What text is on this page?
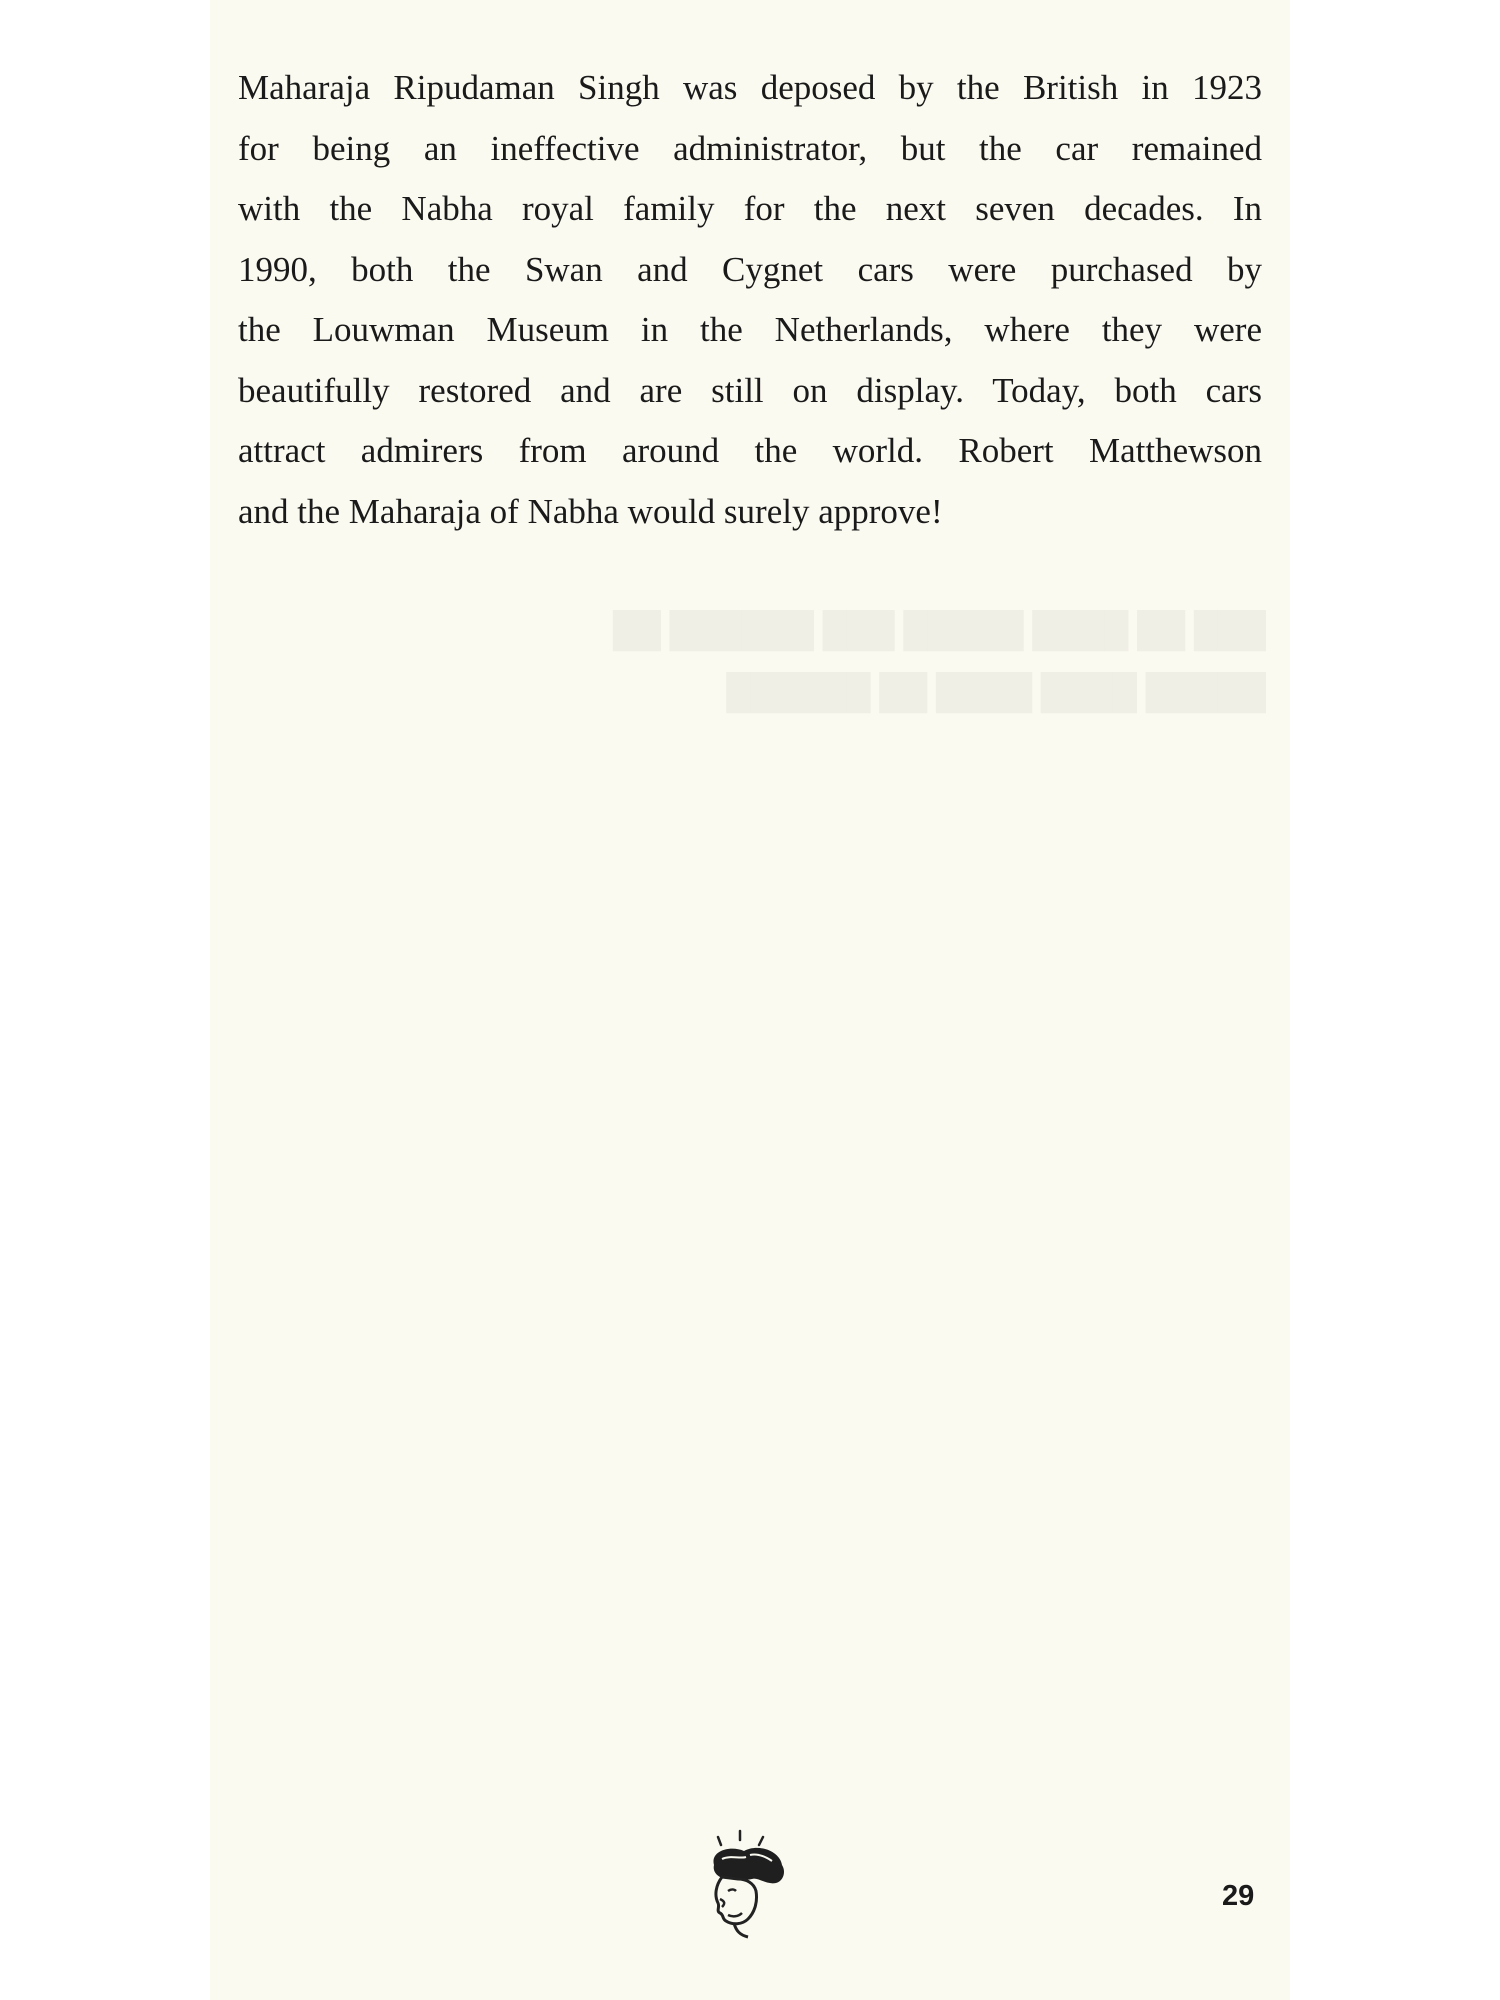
███ ██ ████ █████ ███ ██████ ██
█████ ████ ████ ██ ██████

Maharaja Ripudaman Singh was deposed by the British in 1923
for being an ineffective administrator, but the car remained
with the Nabha royal family for the next seven decades. In
1990, both the Swan and Cygnet cars were purchased by
the Louwman Museum in the Netherlands, where they were
beautifully restored and are still on display. Today, both cars
attract admirers from around the world. Robert Matthewson
and the Maharaja of Nabha would surely approve!

29
